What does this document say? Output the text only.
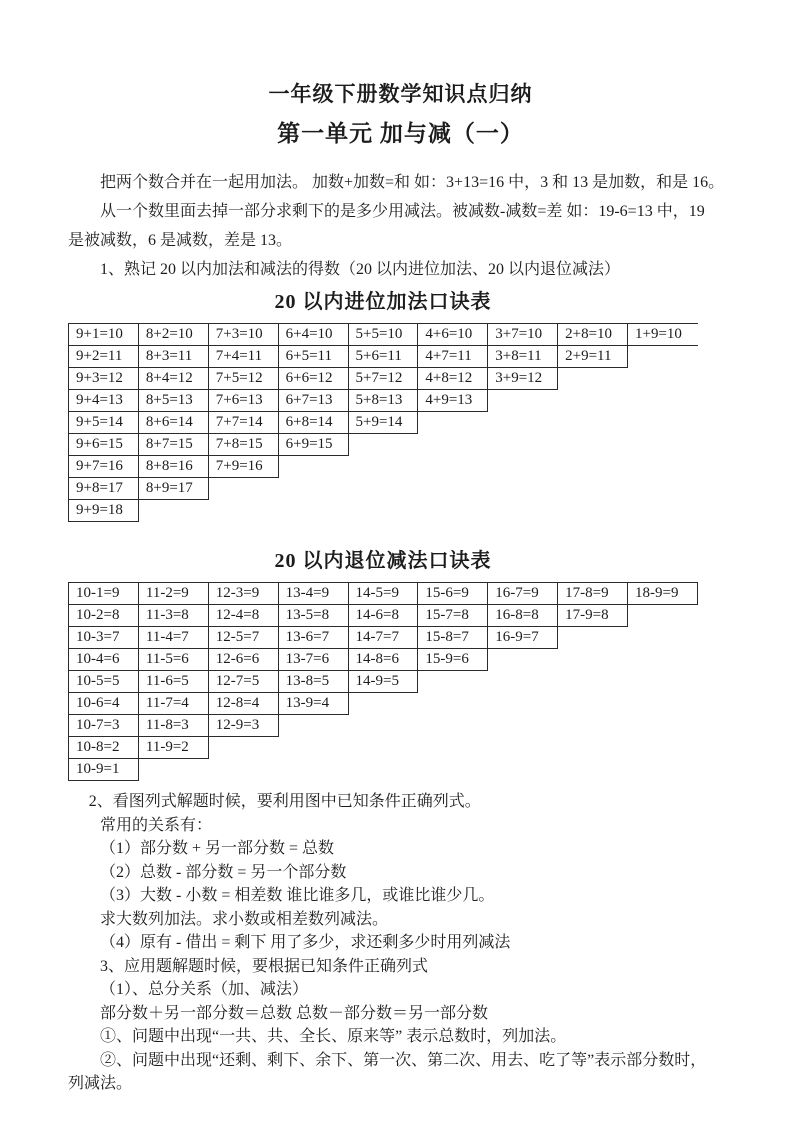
一年级下册数学知识点归纳
第一单元 加与减（一）
把两个数合并在一起用加法。 加数+加数=和 如：3+13=16 中，3 和 13 是加数，和是 16。
从一个数里面去掉一部分求剩下的是多少用减法。被减数-减数=差 如：19-6=13 中，19
是被减数，6 是减数，差是 13。
1、熟记 20 以内加法和减法的得数（20 以内进位加法、20 以内退位减法）
20 以内进位加法口诀表
9+1=10	8+2=10	7+3=10	6+4=10	5+5=10	4+6=10	3+7=10	2+8=10	1+9=10
9+2=11	8+3=11	7+4=11	6+5=11	5+6=11	4+7=11	3+8=11	2+9=11	
9+3=12	8+4=12	7+5=12	6+6=12	5+7=12	4+8=12	3+9=12		
9+4=13	8+5=13	7+6=13	6+7=13	5+8=13	4+9=13			
9+5=14	8+6=14	7+7=14	6+8=14	5+9=14				
9+6=15	8+7=15	7+8=15	6+9=15					
9+7=16	8+8=16	7+9=16						
9+8=17	8+9=17							
9+9=18								
20 以内退位减法口诀表
10-1=9	11-2=9	12-3=9	13-4=9	14-5=9	15-6=9	16-7=9	17-8=9	18-9=9
10-2=8	11-3=8	12-4=8	13-5=8	14-6=8	15-7=8	16-8=8	17-9=8	
10-3=7	11-4=7	12-5=7	13-6=7	14-7=7	15-8=7	16-9=7		
10-4=6	11-5=6	12-6=6	13-7=6	14-8=6	15-9=6			
10-5=5	11-6=5	12-7=5	13-8=5	14-9=5				
10-6=4	11-7=4	12-8=4	13-9=4					
10-7=3	11-8=3	12-9=3						
10-8=2	11-9=2							
10-9=1								
2、看图列式解题时候，要利用图中已知条件正确列式。
常用的关系有：
（1）部分数 + 另一部分数 = 总数
（2）总数 - 部分数 = 另一个部分数
（3）大数 - 小数 = 相差数 谁比谁多几，或谁比谁少几。
求大数列加法。求小数或相差数列减法。
（4）原有 - 借出 = 剩下 用了多少，求还剩多少时用列减法
3、应用题解题时候，要根据已知条件正确列式
（1）、总分关系（加、减法）
部分数＋另一部分数＝总数 总数－部分数＝另一部分数
①、问题中出现“一共、共、全长、原来等” 表示总数时，列加法。
②、问题中出现“还剩、剩下、余下、第一次、第二次、用去、吃了等”表示部分数时，
列减法。
